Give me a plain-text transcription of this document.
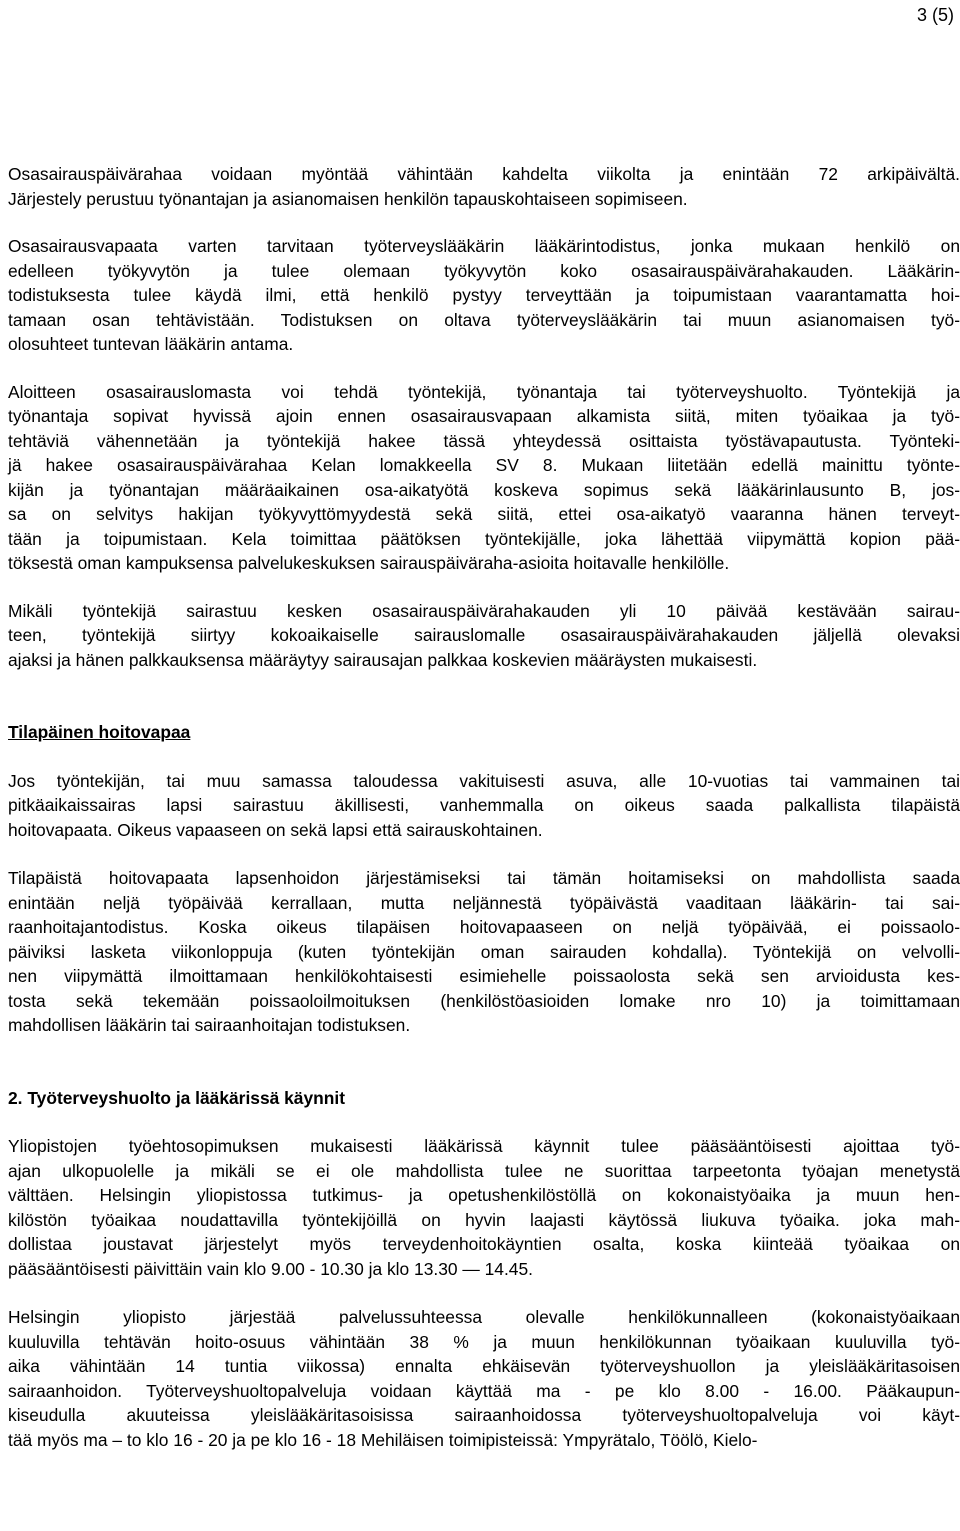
3 (5)
Osasairauspäivärahaa voidaan myöntää vähintään kahdelta viikolta ja enintään 72 arkipäivältä.
Järjestely perustuu työnantajan ja asianomaisen henkilön tapauskohtaiseen sopimiseen.
Osasairausvapaata varten tarvitaan työterveyslääkärin lääkärintodistus, jonka mukaan henkilö on
edelleen työkyvytön ja tulee olemaan työkyvytön koko osasairauspäivärahakauden. Lääkärin-
todistuksesta tulee käydä ilmi, että henkilö pystyy terveyttään ja toipumistaan vaarantamatta hoi-
tamaan osan tehtävistään. Todistuksen on oltava työterveyslääkärin tai muun asianomaisen työ-
olosuhteet tuntevan lääkärin antama.
Aloitteen osasairauslomasta voi tehdä työntekijä, työnantaja tai työterveyshuolto. Työntekijä ja
työnantaja sopivat hyvissä ajoin ennen osasairausvapaan alkamista siitä, miten työaikaa ja työ-
tehtäviä vähennetään ja työntekijä hakee tässä yhteydessä osittaista työstävapautusta. Työnteki-
jä hakee osasairauspäivärahaa Kelan lomakkeella SV 8. Mukaan liitetään edellä mainittu työnte-
kijän ja työnantajan määräaikainen osa-aikatyötä koskeva sopimus sekä lääkärinlausunto B, jos-
sa on selvitys hakijan työkyvyttömyydestä sekä siitä, ettei osa-aikatyö vaaranna hänen terveyt-
tään ja toipumistaan. Kela toimittaa päätöksen työntekijälle, joka lähettää viipymättä kopion pää-
töksestä oman kampuksensa palvelukeskuksen sairauspäiväraha-asioita hoitavalle henkilölle.
Mikäli työntekijä sairastuu kesken osasairauspäivärahakauden yli 10 päivää kestävään sairau-
teen, työntekijä siirtyy kokoaikaiselle sairauslomalle osasairauspäivärahakauden jäljellä olevaksi
ajaksi ja hänen palkkauksensa määräytyy sairausajan palkkaa koskevien määräysten mukaisesti.
Tilapäinen hoitovapaa
Jos työntekijän, tai muu samassa taloudessa vakituisesti asuva, alle 10-vuotias tai vammainen tai
pitkäaikaissairas lapsi sairastuu äkillisesti, vanhemmalla on oikeus saada palkallista tilapäistä
hoitovapaata. Oikeus vapaaseen on sekä lapsi että sairauskohtainen.
Tilapäistä hoitovapaata lapsenhoidon järjestämiseksi tai tämän hoitamiseksi on mahdollista saada
enintään neljä työpäivää kerrallaan, mutta neljännestä työpäivästä vaaditaan lääkärin- tai sai-
raanhoitajantodistus. Koska oikeus tilapäisen hoitovapaaseen on neljä työpäivää, ei poissaolo-
päiviksi lasketa viikonloppuja (kuten työntekijän oman sairauden kohdalla). Työntekijä on velvolli-
nen viipymättä ilmoittamaan henkilökohtaisesti esimiehelle poissaolosta sekä sen arvioidusta kes-
tosta sekä tekemään poissaoloilmoituksen (henkilöstöasioiden lomake nro 10) ja toimittamaan
mahdollisen lääkärin tai sairaanhoitajan todistuksen.
2. Työterveyshuolto ja lääkärissä käynnit
Yliopistojen työehtosopimuksen mukaisesti lääkärissä käynnit tulee pääsääntöisesti ajoittaa työ-
ajan ulkopuolelle ja mikäli se ei ole mahdollista tulee ne suorittaa tarpeetonta työajan menetystä
välttäen. Helsingin yliopistossa tutkimus- ja opetushenkilöstöllä on kokonaistyöaika ja muun hen-
kilöstön työaikaa noudattavilla työntekijöillä on hyvin laajasti käytössä liukuva työaika. joka mah-
dollistaa joustavat järjestelyt myös terveydenhoitokäyntien osalta, koska kiinteää työaikaa on
pääsääntöisesti päivittäin vain klo 9.00 - 10.30 ja klo 13.30 — 14.45.
Helsingin yliopisto järjestää palvelussuhteessa olevalle henkilökunnalleen (kokonaistyöaikaan
kuuluvilla tehtävän hoito-osuus vähintään 38 % ja muun henkilökunnan työaikaan kuuluvilla työ-
aika vähintään 14 tuntia viikossa) ennalta ehkäisevän työterveyshuollon ja yleislääkäritasoisen
sairaanhoidon. Työterveyshuoltopalveluja voidaan käyttää ma - pe klo 8.00 - 16.00. Pääkaupun-
kiseudulla akuuteissa yleislääkäritasoisissa sairaanhoidossa työterveyshuoltopalveluja voi käyt-
tää myös ma – to klo 16 - 20 ja pe klo 16 - 18 Mehiläisen toimipisteissä: Ympyrätalo, Töölö, Kielo-
